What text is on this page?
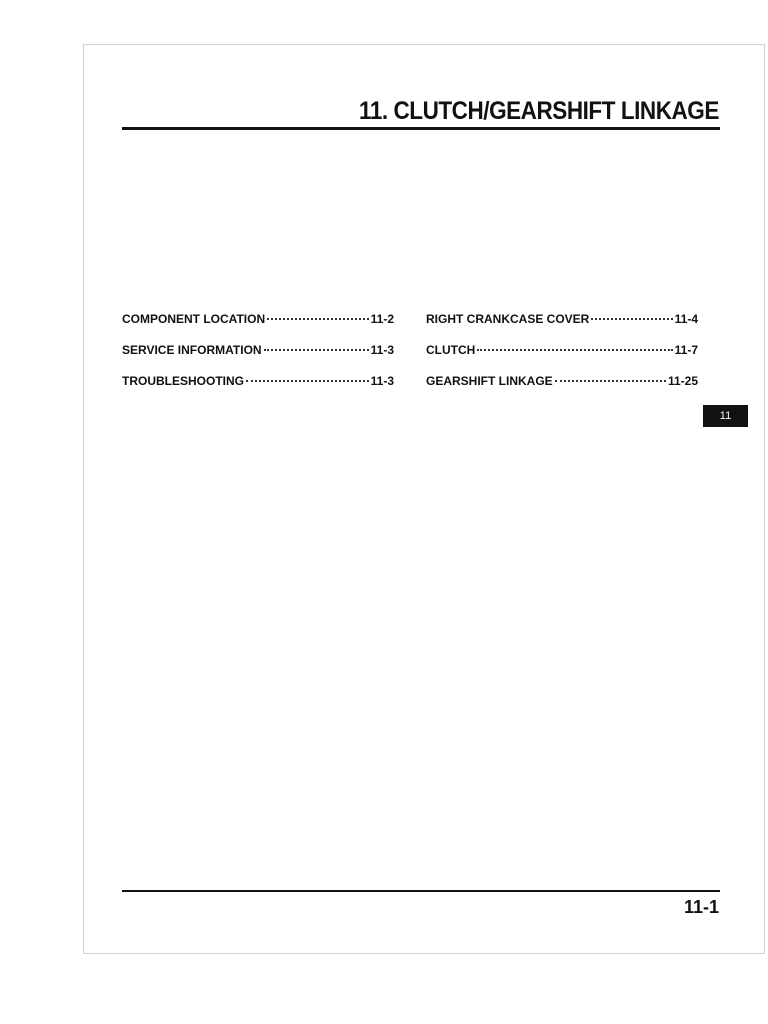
11. CLUTCH/GEARSHIFT LINKAGE
COMPONENT LOCATION	11-2
SERVICE INFORMATION	11-3
TROUBLESHOOTING	11-3
RIGHT CRANKCASE COVER	11-4
CLUTCH	11-7
GEARSHIFT LINKAGE	11-25
11
11-1
